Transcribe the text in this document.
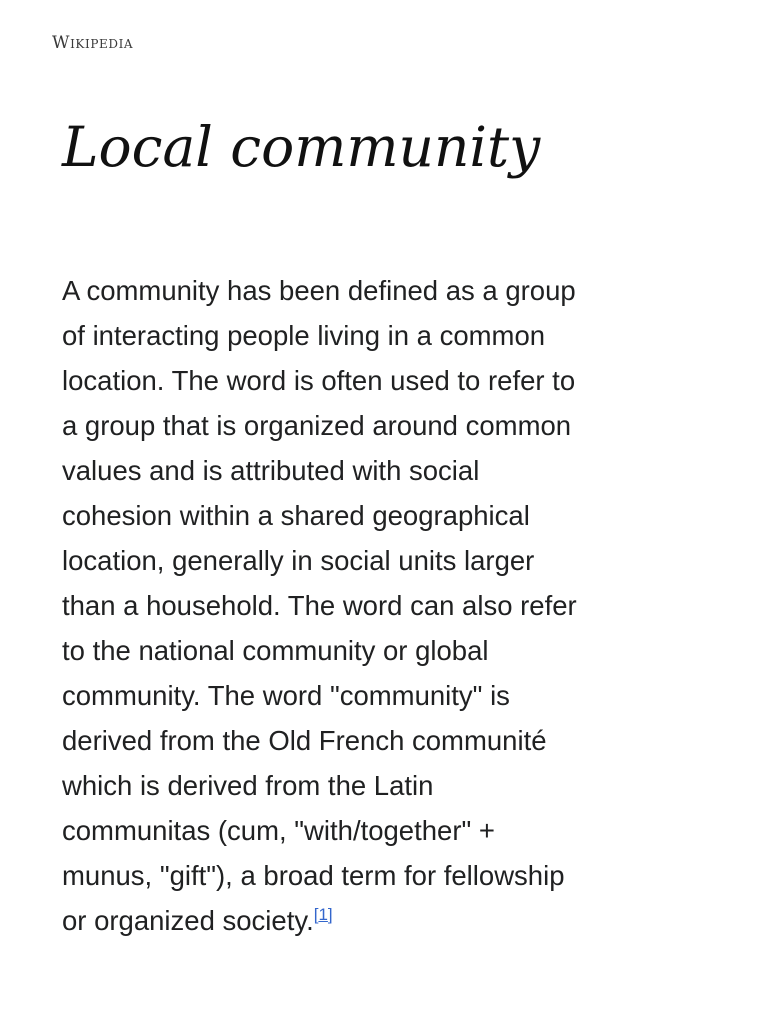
Wikipedia
Local community

A community has been defined as a group
of interacting people living in a common
location. The word is often used to refer to
a group that is organized around common
values and is attributed with social
cohesion within a shared geographical
location, generally in social units larger
than a household. The word can also refer
to the national community or global
community. The word "community" is
derived from the Old French communité
which is derived from the Latin
communitas (cum, "with/together" +
munus, "gift"), a broad term for fellowship
or organized society.[1]
